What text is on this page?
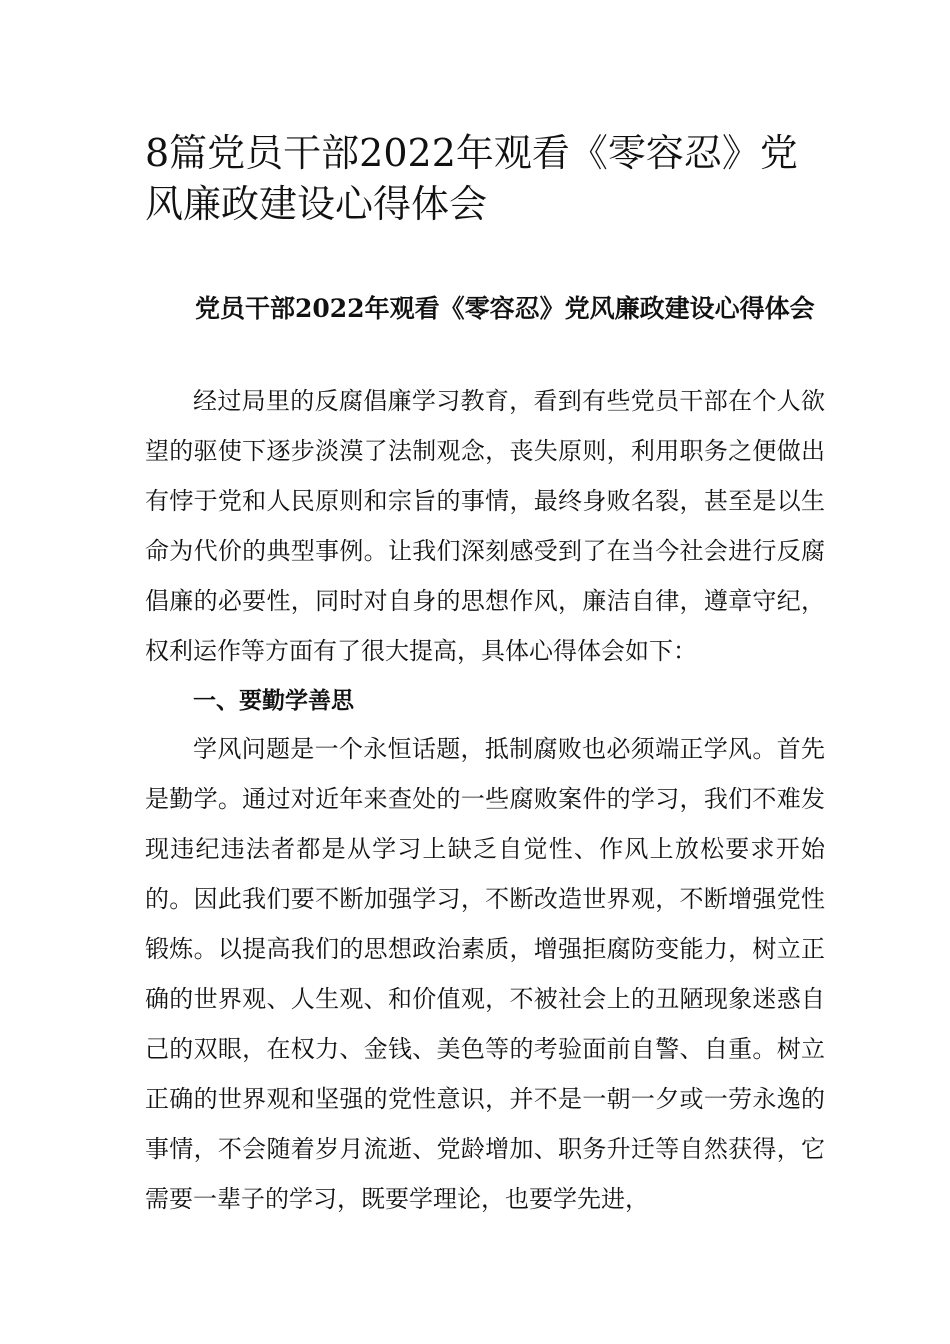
8篇党员干部2022年观看《零容忍》党风廉政建设心得体会

党员干部2022年观看《零容忍》党风廉政建设心得体会

经过局里的反腐倡廉学习教育，看到有些党员干部在个人欲望的驱使下逐步淡漠了法制观念，丧失原则，利用职务之便做出有悖于党和人民原则和宗旨的事情，最终身败名裂，甚至是以生命为代价的典型事例。让我们深刻感受到了在当今社会进行反腐倡廉的必要性，同时对自身的思想作风，廉洁自律，遵章守纪，权利运作等方面有了很大提高，具体心得体会如下：

一、要勤学善思

学风问题是一个永恒话题，抵制腐败也必须端正学风。首先是勤学。通过对近年来查处的一些腐败案件的学习，我们不难发现违纪违法者都是从学习上缺乏自觉性、作风上放松要求开始的。因此我们要不断加强学习，不断改造世界观，不断增强党性锻炼。以提高我们的思想政治素质，增强拒腐防变能力，树立正确的世界观、人生观、和价值观，不被社会上的丑陋现象迷惑自己的双眼，在权力、金钱、美色等的考验面前自警、自重。树立正确的世界观和坚强的党性意识，并不是一朝一夕或一劳永逸的事情，不会随着岁月流逝、党龄增加、职务升迁等自然获得，它需要一辈子的学习，既要学理论，也要学先进，
